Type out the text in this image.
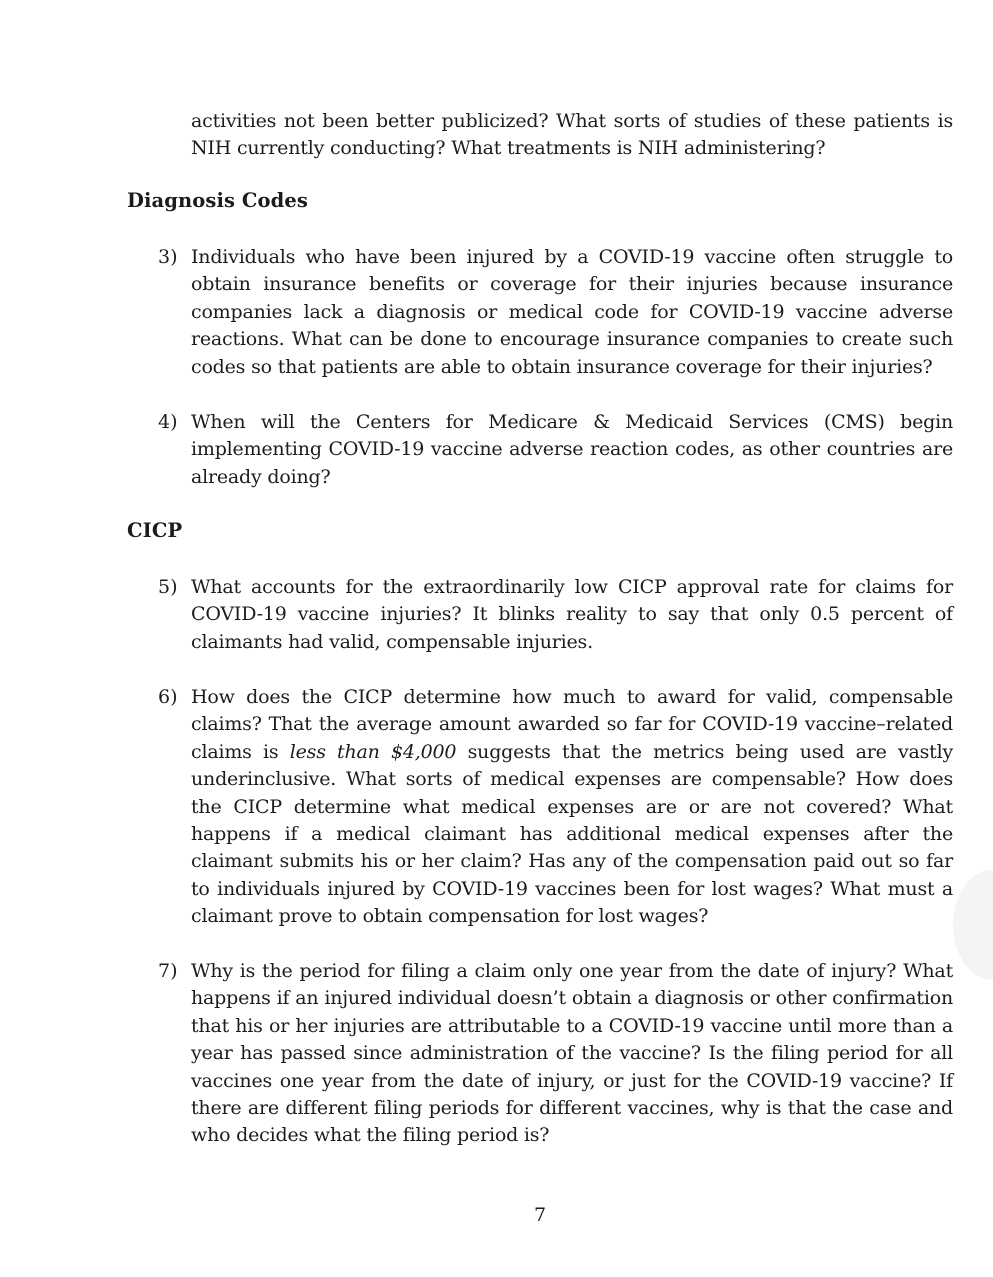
activities not been better publicized? What sorts of studies of these patients is NIH currently conducting? What treatments is NIH administering?

Diagnosis Codes
3) Individuals who have been injured by a COVID-19 vaccine often struggle to obtain insurance benefits or coverage for their injuries because insurance companies lack a diagnosis or medical code for COVID-19 vaccine adverse reactions. What can be done to encourage insurance companies to create such codes so that patients are able to obtain insurance coverage for their injuries?

4) When will the Centers for Medicare & Medicaid Services (CMS) begin implementing COVID-19 vaccine adverse reaction codes, as other countries are already doing?

CICP
5) What accounts for the extraordinarily low CICP approval rate for claims for COVID-19 vaccine injuries? It blinks reality to say that only 0.5 percent of claimants had valid, compensable injuries.

6) How does the CICP determine how much to award for valid, compensable claims? That the average amount awarded so far for COVID-19 vaccine–related claims is less than $4,000 suggests that the metrics being used are vastly underinclusive. What sorts of medical expenses are compensable? How does the CICP determine what medical expenses are or are not covered? What happens if a medical claimant has additional medical expenses after the claimant submits his or her claim? Has any of the compensation paid out so far to individuals injured by COVID-19 vaccines been for lost wages? What must a claimant prove to obtain compensation for lost wages?

7) Why is the period for filing a claim only one year from the date of injury? What happens if an injured individual doesn’t obtain a diagnosis or other confirmation that his or her injuries are attributable to a COVID-19 vaccine until more than a year has passed since administration of the vaccine? Is the filing period for all vaccines one year from the date of injury, or just for the COVID-19 vaccine? If there are different filing periods for different vaccines, why is that the case and who decides what the filing period is?

7
